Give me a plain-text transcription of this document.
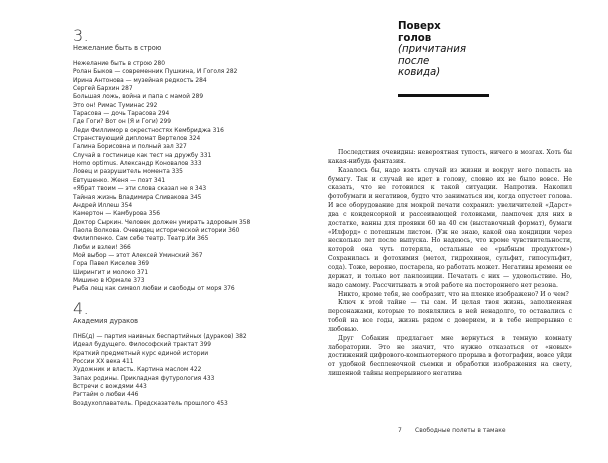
3.
Нежелание быть в строю
Нежелание быть в строю 280
Ролан Быков — современник Пушкина, И Гоголя 282
Ирина Антонова — музейная редкость 284
Сергей Бархин 287
Большая ложь, война и папа с мамой 289
Это он! Римас Туминас 292
Тарасова — дочь Тарасова 294
Где Гоги? Вот он (Я и Гоги) 299
Леди Филлимор в окрестностях Кембриджа 316
Странствующий дипломат Вертелов 324
Галина Борисовна и полный зал 327
Случай в гостинице как тест на дружбу 331
Homo optimus. Александр Коновалов 333
Ловец и разрушитель момента 335
Евтушенко. Женя — поэт 341
«Ябрат твоим — эти слова сказал не я 343
Тайная жизнь Владимира Сливакова 345
Андрей Иллеш 354
Камертон — Камбурова 356
Доктор Сыркин. Человек должен умирать здоровым 358
Паола Волкова. Очевидец исторической истории 360
Филиппенко. Сам себе театр. Театр.Ии 365
Люби и взлеи! 366
Мой выбор — этот Алексей Уминский 367
Гора Павел Киселев 369
Ширингит и молоко 371
Мишино в Юрмале 373
Рыба лещ как символ любви и свободы от моря 376
4.
Академия дураков
ПНБ(д) — партия наивных беспартийных (дураков) 382
Идеал будущего. Философский трактат 399
Краткий предметный курс единой истории
России XX века 411
Художник и власть. Картина маслом 422
Запах родины. Прикладная футурология 433
Встречи с вождями 443
Рэгтайм о любви 446
Воздухоплаватель. Предсказатель прошлого 453
Поверх
голов
(причитания
после
ковида)

Последствия очевидны: невероятная тупость, ничего в мозгах. Хоть бы какая-нибудь фантазия.

Казалось бы, надо взять случай из жизни и вокруг него попасть на бумагу. Так и случай не идет в голову, словно их не было вовсе. Не сказать, что не готовился к такой ситуации. Напротив. Накопил фотобумаги и негативов, будто что заниматься им, когда опустеет голова. И все оборудование для мокрой печати сохранил: увеличителей «Дарст» два с конденсорной и рассеивающей головками, лампочек для них в достатке, ванны для проявки 60 на 40 см (выставочный формат), бумаги «Илфорд» с потешным листом. (Уж не знаю, какой она кондиции через несколько лет после выпуска. Но надеюсь, что кроме чувствительности, которой она чуть потеряла, остальные ее «рыбным продуктом») Сохранилась и фотохимия (метол, гидрохинон, сульфит, гипосульфит, сода). Тоже, верояно, постарела, но работать может. Негативы времени ее держат, и только вот ланлозиции. Печатать с них — удовольствие. Но, надо самому. Рассчитывать в этой работе на постороннего нет резона.

Никто, кроме тебя, не сообразит, что на пленке изображено? И о чем?

Ключ к этой тайне — ты сам. И целая твоя жизнь, заполненная персонажами, которые то появлялись в ней ненадолго, то оставались с тобой на все годы, жизнь рядом с доверием, и в тебе непрерывно с любовью.

Друг Собакин предлагает мне вернуться в темную комнату лаборатории. Это не значит, что нужно отказаться от «новых» достижений цифрового-компьютерного прорыва в фотографии, вовсе уйди от удобной беспленочной съемки и обработки изображения на свету, лишенной тайны непрерывного негатива

7 Свободные полеты в тамаке
